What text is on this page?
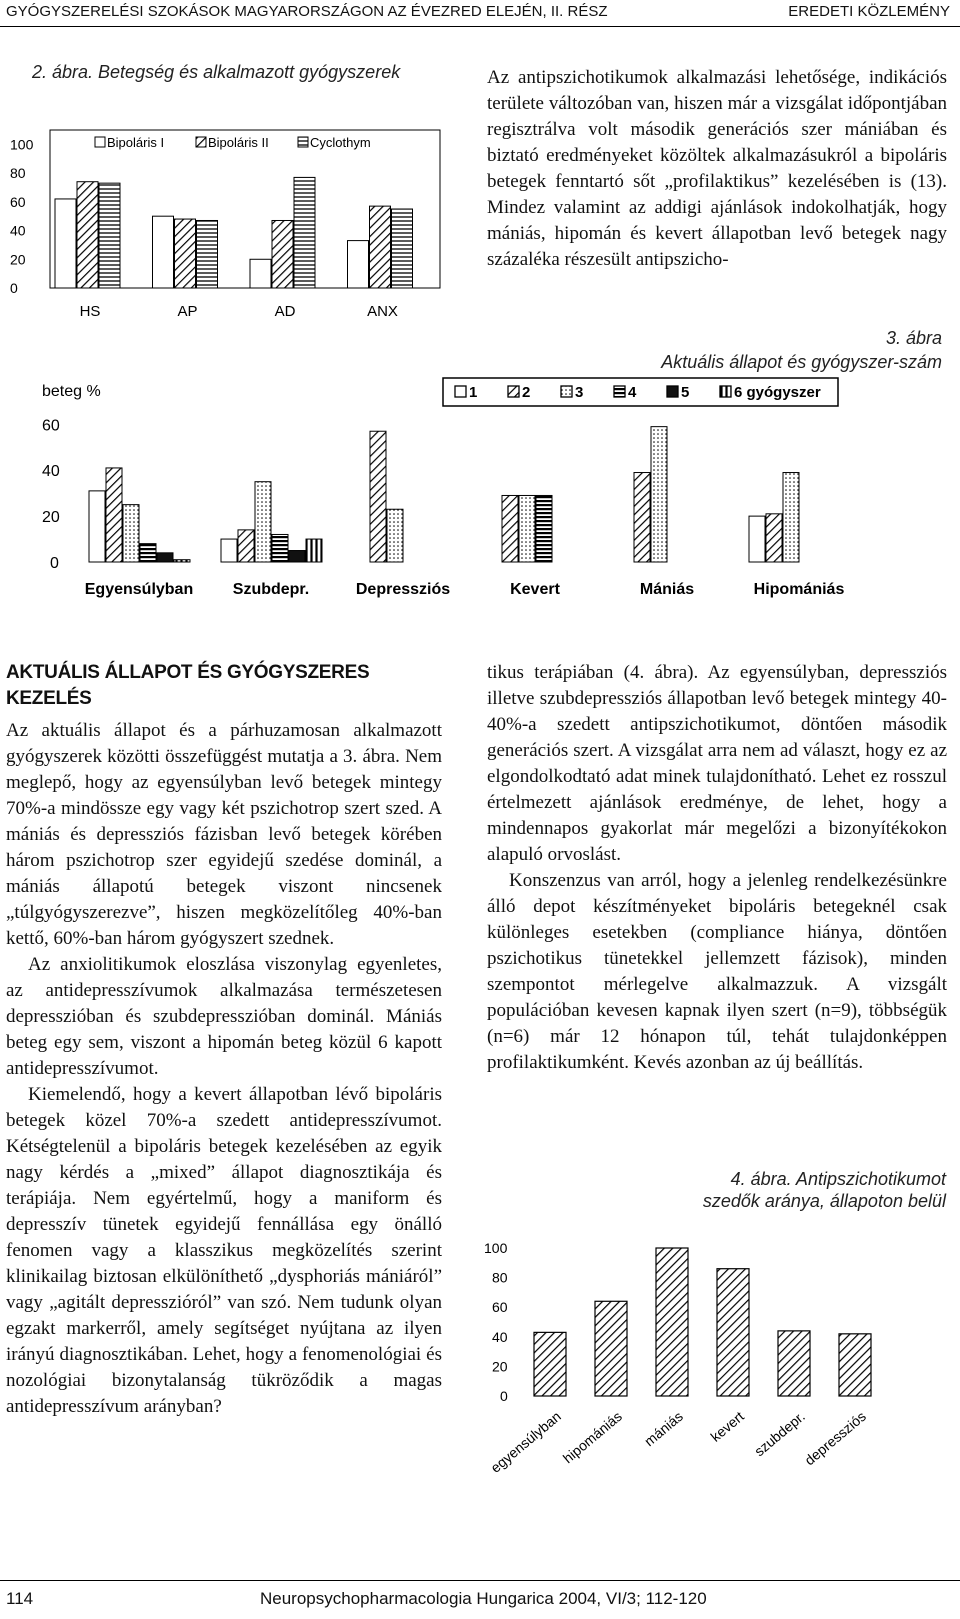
GYÓGYSZERELÉSI SZOKÁSOK MAGYARORSZÁGON AZ ÉVEZRED ELEJÉN, II. RÉSZ	EREDETI KÖZLEMÉNY
2. ábra. Betegség és alkalmazott gyógyszerek
0
20
40
60
80
100
HS	AP	AD	ANX
Bipoláris I	Bipoláris II	Cyclothym

Az antipszichotikumok alkalmazási lehetősége, indikációs területe változóban van, hiszen már a vizsgálat időpontjában regisztrálva volt második generációs szer mániában és biztató eredményeket közöltek alkalmazásukról a bipoláris betegek fenntartó sőt „profilaktikus” kezelésében is (13). Mindez valamint az addigi ajánlások indokolhatják, hogy mániás, hipomán és kevert állapotban levő betegek nagy százaléka részesült antipszicho-

3. ábra
Aktuális állapot és gyógyszer-szám
beteg %
0
20
40
60
Egyensúlyban Szubdepr.	Depressziós	Kevert	Mániás	Hipomániás
1	2	3	4	5	6 gyógyszer
AKTUÁLIS ÁLLAPOT ÉS GYÓGYSZERES KEZELÉS

Az aktuális állapot és a párhuzamosan alkalmazott gyógyszerek közötti összefüggést mutatja a 3. ábra. Nem meglepő, hogy az egyensúlyban levő betegek mintegy 70%-a mindössze egy vagy két pszichotrop szert szed. A mániás és depressziós fázisban levő betegek körében három pszichotrop szer egyidejű szedése dominál, a mániás állapotú betegek viszont nincsenek „túlgyógyszerezve”, hiszen megközelítőleg 40%-ban kettő, 60%-ban három gyógyszert szednek.

Az anxiolitikumok eloszlása viszonylag egyenletes, az antidepresszívumok alkalmazása természetesen depresszióban és szubdepresszióban dominál. Mániás beteg egy sem, viszont a hipomán beteg közül 6 kapott antidepresszívumot.

Kiemelendő, hogy a kevert állapotban lévő bipoláris betegek közel 70%-a szedett antidepresszívumot. Kétségtelenül a bipoláris betegek kezelésében az egyik nagy kérdés a „mixed” állapot diagnosztikája és terápiája. Nem egyértelmű, hogy a maniform és depresszív tünetek egyidejű fennállása egy önálló fenomen vagy a klasszikus megközelítés szerint klinikailag biztosan elkülöníthető „dysphoriás mániáról” vagy „agitált depresszióról” van szó. Nem tudunk olyan egzakt markerről, amely segítséget nyújtana az ilyen irányú diagnosztikában. Lehet, hogy a fenomenológiai és nozológiai bizonytalanság tükröződik a magas antidepresszívum arányban?

tikus terápiában (4. ábra). Az egyensúlyban, depressziós illetve szubdepressziós állapotban levő betegek mintegy 40-40%-a szedett antipszichotikumot, döntően második generációs szert. A vizsgálat arra nem ad választ, hogy ez az elgondolkodtató adat minek tulajdonítható. Lehet ez rosszul értelmezett ajánlások eredménye, de lehet, hogy a mindennapos gyakorlat már megelőzi a bizonyítékokon alapuló orvoslást.

Konszenzus van arról, hogy a jelenleg rendelkezésünkre álló depot készítményeket bipoláris betegeknél csak különleges esetekben (compliance hiánya, döntően pszichotikus tünetekkel jellemzett fázisok), minden szempontot mérlegelve alkalmazzuk. A vizsgált populációban kevesen kapnak ilyen szert (n=9), többségük (n=6) már 12 hónapon túl, tehát tulajdonképpen profilaktikumként. Kevés azonban az új beállítás.

4. ábra. Antipszichotikumot
szedők aránya, állapoton belül
0
20
40
60
80
100
egyensúlyban
hipomániás mániás kevert szubdepr.
depressziós
114	Neuropsychopharmacologia Hungarica 2004, VI/3; 112-120
